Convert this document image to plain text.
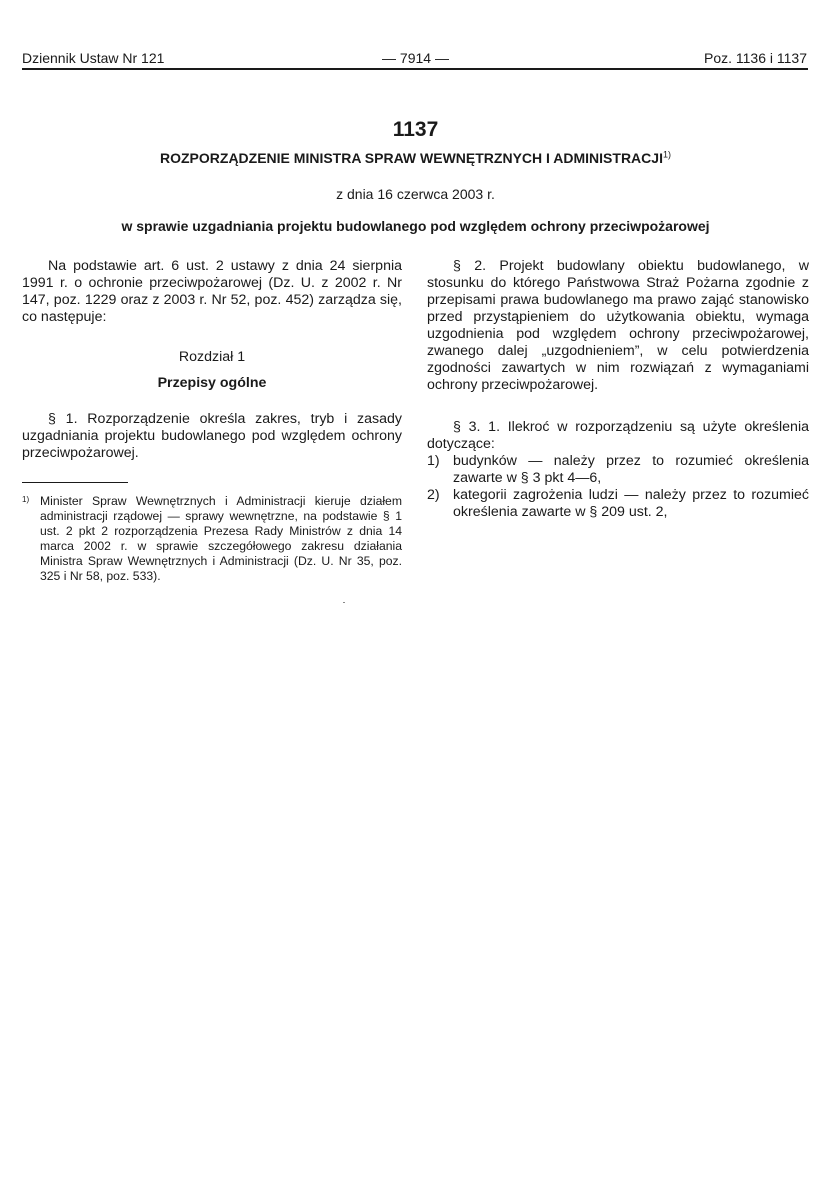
Dziennik Ustaw Nr 121	— 7914 —	Poz. 1136 i 1137
1137
ROZPORZĄDZENIE MINISTRA SPRAW WEWNĘTRZNYCH I ADMINISTRACJI$^{1)}$
z dnia 16 czerwca 2003 r.
w sprawie uzgadniania projektu budowlanego pod względem ochrony przeciwpożarowej

Na podstawie art. 6 ust. 2 ustawy z dnia 24 sierpnia 1991 r. o ochronie przeciwpożarowej (Dz. U. z 2002 r. Nr 147, poz. 1229 oraz z 2003 r. Nr 52, poz. 452) zarządza się, co następuje:

Rozdział 1

Przepisy ogólne

§ 1. Rozporządzenie określa zakres, tryb i zasady uzgadniania projektu budowlanego pod względem ochrony przeciwpożarowej.

1) Minister Spraw Wewnętrznych i Administracji kieruje działem administracji rządowej — sprawy wewnętrzne, na podstawie § 1 ust. 2 pkt 2 rozporządzenia Prezesa Rady Ministrów z dnia 14 marca 2002 r. w sprawie szczegółowego zakresu działania Ministra Spraw Wewnętrznych i Administracji (Dz. U. Nr 35, poz. 325 i Nr 58, poz. 533).

§ 2. Projekt budowlany obiektu budowlanego, w stosunku do którego Państwowa Straż Pożarna zgodnie z przepisami prawa budowlanego ma prawo zająć stanowisko przed przystąpieniem do użytkowania obiektu, wymaga uzgodnienia pod względem ochrony przeciwpożarowej, zwanego dalej „uzgodnieniem”, w celu potwierdzenia zgodności zawartych w nim rozwiązań z wymaganiami ochrony przeciwpożarowej.

§ 3. 1. Ilekroć w rozporządzeniu są użyte określenia dotyczące:

1) budynków — należy przez to rozumieć określenia zawarte w § 3 pkt 4—6,
2) kategorii zagrożenia ludzi — należy przez to rozumieć określenia zawarte w § 209 ust. 2,
